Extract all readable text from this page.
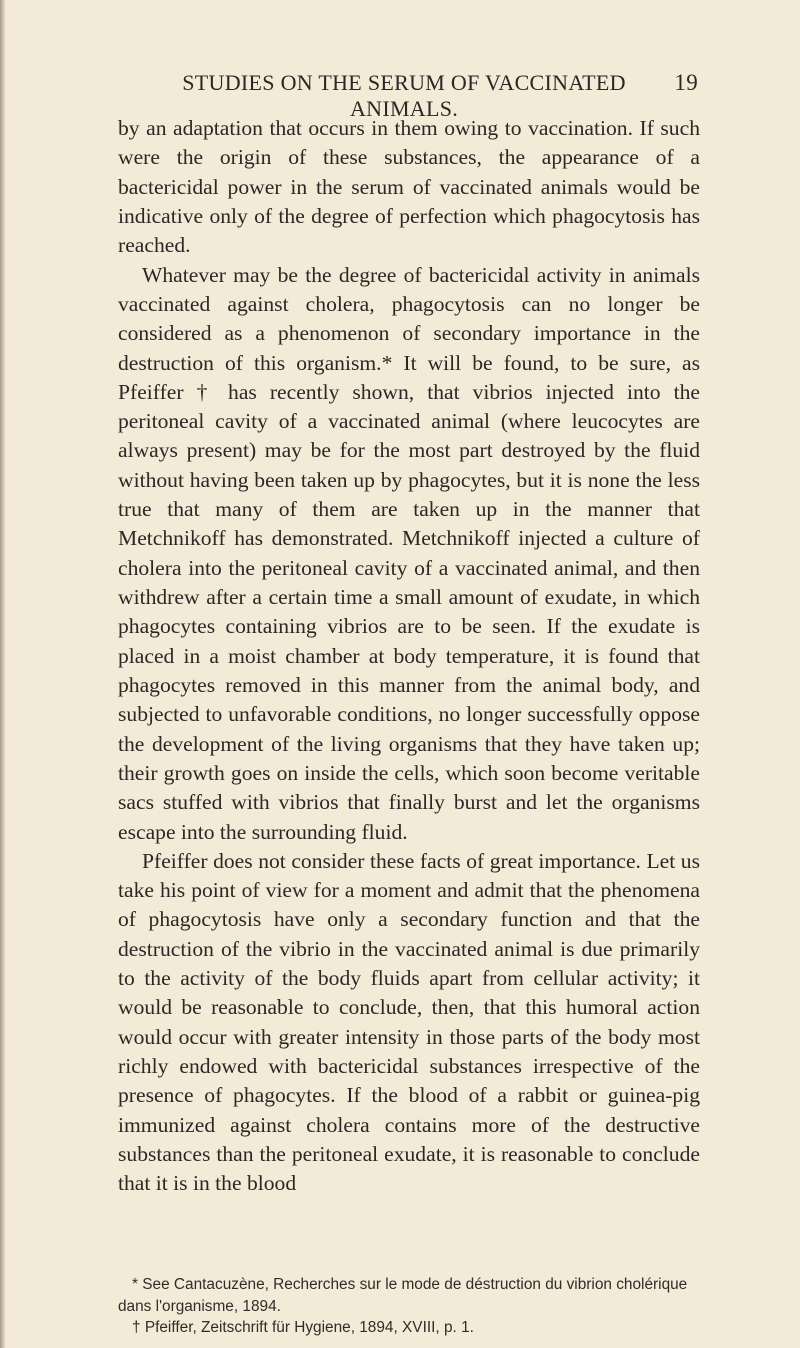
STUDIES ON THE SERUM OF VACCINATED ANIMALS.
19

by an adaptation that occurs in them owing to vaccination. If such were the origin of these substances, the appearance of a bactericidal power in the serum of vaccinated animals would be indicative only of the degree of perfection which phagocytosis has reached.

Whatever may be the degree of bactericidal activity in animals vaccinated against cholera, phagocytosis can no longer be considered as a phenomenon of secondary importance in the destruction of this organism.* It will be found, to be sure, as Pfeiffer † has recently shown, that vibrios injected into the peritoneal cavity of a vaccinated animal (where leucocytes are always present) may be for the most part destroyed by the fluid without having been taken up by phagocytes, but it is none the less true that many of them are taken up in the manner that Metchnikoff has demonstrated. Metchnikoff injected a culture of cholera into the peritoneal cavity of a vaccinated animal, and then withdrew after a certain time a small amount of exudate, in which phagocytes containing vibrios are to be seen. If the exudate is placed in a moist chamber at body temperature, it is found that phagocytes removed in this manner from the animal body, and subjected to unfavorable conditions, no longer successfully oppose the development of the living organisms that they have taken up; their growth goes on inside the cells, which soon become veritable sacs stuffed with vibrios that finally burst and let the organisms escape into the surrounding fluid.

Pfeiffer does not consider these facts of great importance. Let us take his point of view for a moment and admit that the phenomena of phagocytosis have only a secondary function and that the destruction of the vibrio in the vaccinated animal is due primarily to the activity of the body fluids apart from cellular activity; it would be reasonable to conclude, then, that this humoral action would occur with greater intensity in those parts of the body most richly endowed with bactericidal substances irrespective of the presence of phagocytes. If the blood of a rabbit or guinea-pig immunized against cholera contains more of the destructive substances than the peritoneal exudate, it is reasonable to conclude that it is in the blood

* See Cantacuzène, Recherches sur le mode de déstruction du vibrion cholérique dans l'organisme, 1894.

† Pfeiffer, Zeitschrift für Hygiene, 1894, XVIII, p. 1.
